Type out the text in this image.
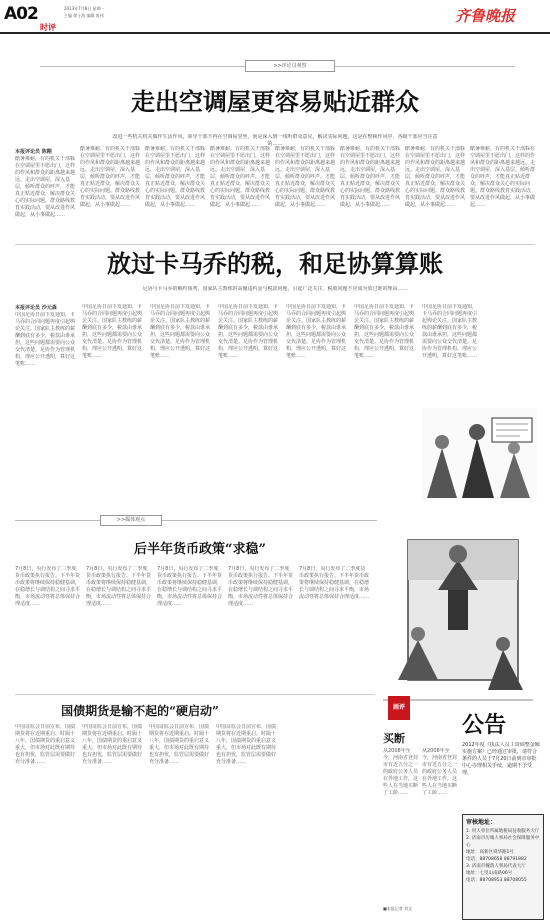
A02	2013年7月8日 星期一
主编 徐士海 编辑 陈伟
时评
齐鲁晚报
>>评论员观察
走出空调屋更容易贴近群众
改进一些机关机关做作生活作风，领导干部不再在空调屋里坐，而是深入到一线听群众意见，解决实际问题。这是在整顿作风中，各级干部应当注意的……
本报评论员 陈剛
酷暑难耐，有的机关干部躲在空调屋里不愿出门，这样的作风和群众的距离越来越远。走出空调屋，深入基层，倾听群众的呼声，才能真正贴近群众，解决群众关心的实际问题。群众路线教育实践活动，要从改进作风做起，从小事做起……
酷暑难耐，有的机关干部躲在空调屋里不愿出门，这样的作风和群众的距离越来越远。走出空调屋，深入基层，倾听群众的呼声，才能真正贴近群众，解决群众关心的实际问题。群众路线教育实践活动，要从改进作风做起，从小事做起……
酷暑难耐，有的机关干部躲在空调屋里不愿出门，这样的作风和群众的距离越来越远。走出空调屋，深入基层，倾听群众的呼声，才能真正贴近群众，解决群众关心的实际问题。群众路线教育实践活动，要从改进作风做起，从小事做起……
酷暑难耐，有的机关干部躲在空调屋里不愿出门，这样的作风和群众的距离越来越远。走出空调屋，深入基层，倾听群众的呼声，才能真正贴近群众，解决群众关心的实际问题。群众路线教育实践活动，要从改进作风做起，从小事做起……
酷暑难耐，有的机关干部躲在空调屋里不愿出门，这样的作风和群众的距离越来越远。走出空调屋，深入基层，倾听群众的呼声，才能真正贴近群众，解决群众关心的实际问题。群众路线教育实践活动，要从改进作风做起，从小事做起……
酷暑难耐，有的机关干部躲在空调屋里不愿出门，这样的作风和群众的距离越来越远。走出空调屋，深入基层，倾听群众的呼声，才能真正贴近群众，解决群众关心的实际问题。群众路线教育实践活动，要从改进作风做起，从小事做起……
酷暑难耐，有的机关干部躲在空调屋里不愿出门，这样的作风和群众的距离越来越远。走出空调屋，深入基层，倾听群众的呼声，才能真正贴近群众，解决群众关心的实际问题。群众路线教育实践活动，要从改进作风做起，从小事做起……
酷暑难耐，有的机关干部躲在空调屋里不愿出门，这样的作风和群众的距离越来越远。走出空调屋，深入基层，倾听群众的呼声，才能真正贴近群众，解决群众关心的实际问题。群众路线教育实践活动，要从改进作风做起，从小事做起……
放过卡马乔的税，和足协算算账
足协与卡马乔的解约谈判，国家队主教练的高额违约金与税款问题，引起广泛关注。税收问题不应成为放过谁的理由……
本报评论员 沙元森
中国足协日前下发通知，卡马乔的合同问题再度引起舆论关注。国家队主教练的薪酬到底有多少，税款由谁承担，这些问题都需要向公众交代清楚。足协作为管理机构，理应公开透明，算好这笔账……
中国足协日前下发通知，卡马乔的合同问题再度引起舆论关注。国家队主教练的薪酬到底有多少，税款由谁承担，这些问题都需要向公众交代清楚。足协作为管理机构，理应公开透明，算好这笔账……
中国足协日前下发通知，卡马乔的合同问题再度引起舆论关注。国家队主教练的薪酬到底有多少，税款由谁承担，这些问题都需要向公众交代清楚。足协作为管理机构，理应公开透明，算好这笔账……
中国足协日前下发通知，卡马乔的合同问题再度引起舆论关注。国家队主教练的薪酬到底有多少，税款由谁承担，这些问题都需要向公众交代清楚。足协作为管理机构，理应公开透明，算好这笔账……
中国足协日前下发通知，卡马乔的合同问题再度引起舆论关注。国家队主教练的薪酬到底有多少，税款由谁承担，这些问题都需要向公众交代清楚。足协作为管理机构，理应公开透明，算好这笔账……
中国足协日前下发通知，卡马乔的合同问题再度引起舆论关注。国家队主教练的薪酬到底有多少，税款由谁承担，这些问题都需要向公众交代清楚。足协作为管理机构，理应公开透明，算好这笔账……
中国足协日前下发通知，卡马乔的合同问题再度引起舆论关注。国家队主教练的薪酬到底有多少，税款由谁承担，这些问题都需要向公众交代清楚。足协作为管理机构，理应公开透明，算好这笔账……
>>媒体观点
后半年货币政策“求稳”
7月8日，央行发布了二季度货币政策执行报告。下半年货币政策将继续保持稳健基调，在稳增长与调结构之间寻求平衡，市场流动性将总体保持合理适度……
7月8日，央行发布了二季度货币政策执行报告。下半年货币政策将继续保持稳健基调，在稳增长与调结构之间寻求平衡，市场流动性将总体保持合理适度……
7月8日，央行发布了二季度货币政策执行报告。下半年货币政策将继续保持稳健基调，在稳增长与调结构之间寻求平衡，市场流动性将总体保持合理适度……
7月8日，央行发布了二季度货币政策执行报告。下半年货币政策将继续保持稳健基调，在稳增长与调结构之间寻求平衡，市场流动性将总体保持合理适度……
7月8日，央行发布了二季度货币政策执行报告。下半年货币政策将继续保持稳健基调，在稳增长与调结构之间寻求平衡，市场流动性将总体保持合理适度……
国债期货是输不起的“硬启动”
中国证监会日前宣布，国债期货将在近期重启。时隔十八年，国债期货的重启意义重大，但市场对此既有期待也有担忧，监管层需要做好充分准备……
中国证监会日前宣布，国债期货将在近期重启。时隔十八年，国债期货的重启意义重大，但市场对此既有期待也有担忧，监管层需要做好充分准备……
中国证监会日前宣布，国债期货将在近期重启。时隔十八年，国债期货的重启意义重大，但市场对此既有期待也有担忧，监管层需要做好充分准备……
中国证监会日前宣布，国债期货将在近期重启。时隔十八年，国债期货的重启意义重大，但市场对此既有期待也有担忧，监管层需要做好充分准备……
画评
买断
从2008年至今，河南省登封市有近五分之一的政府公务人员在外地工作，这些人在当地买断了工龄……
从2008年至今，河南省登封市有近五分之一的政府公务人员在外地工作，这些人在当地买断了工龄……
■本报记者 刘文
公告
2012年度《执法人员工资调整金额实施方案》已经通过审批，请符合条件的人员于7月20日前到市审批中心办理相关手续，逾期不予受理。
审核地址：
1. 用人单位所属地税局征收服务大厅
2. 济南市历城人事局社会保障服务中心
地址：高新区舜华路1号
电话：88708658 88791882
3. 济南市槐荫人事局代表大厅
地址：七里山南路06号
电话：88708953 88708055
